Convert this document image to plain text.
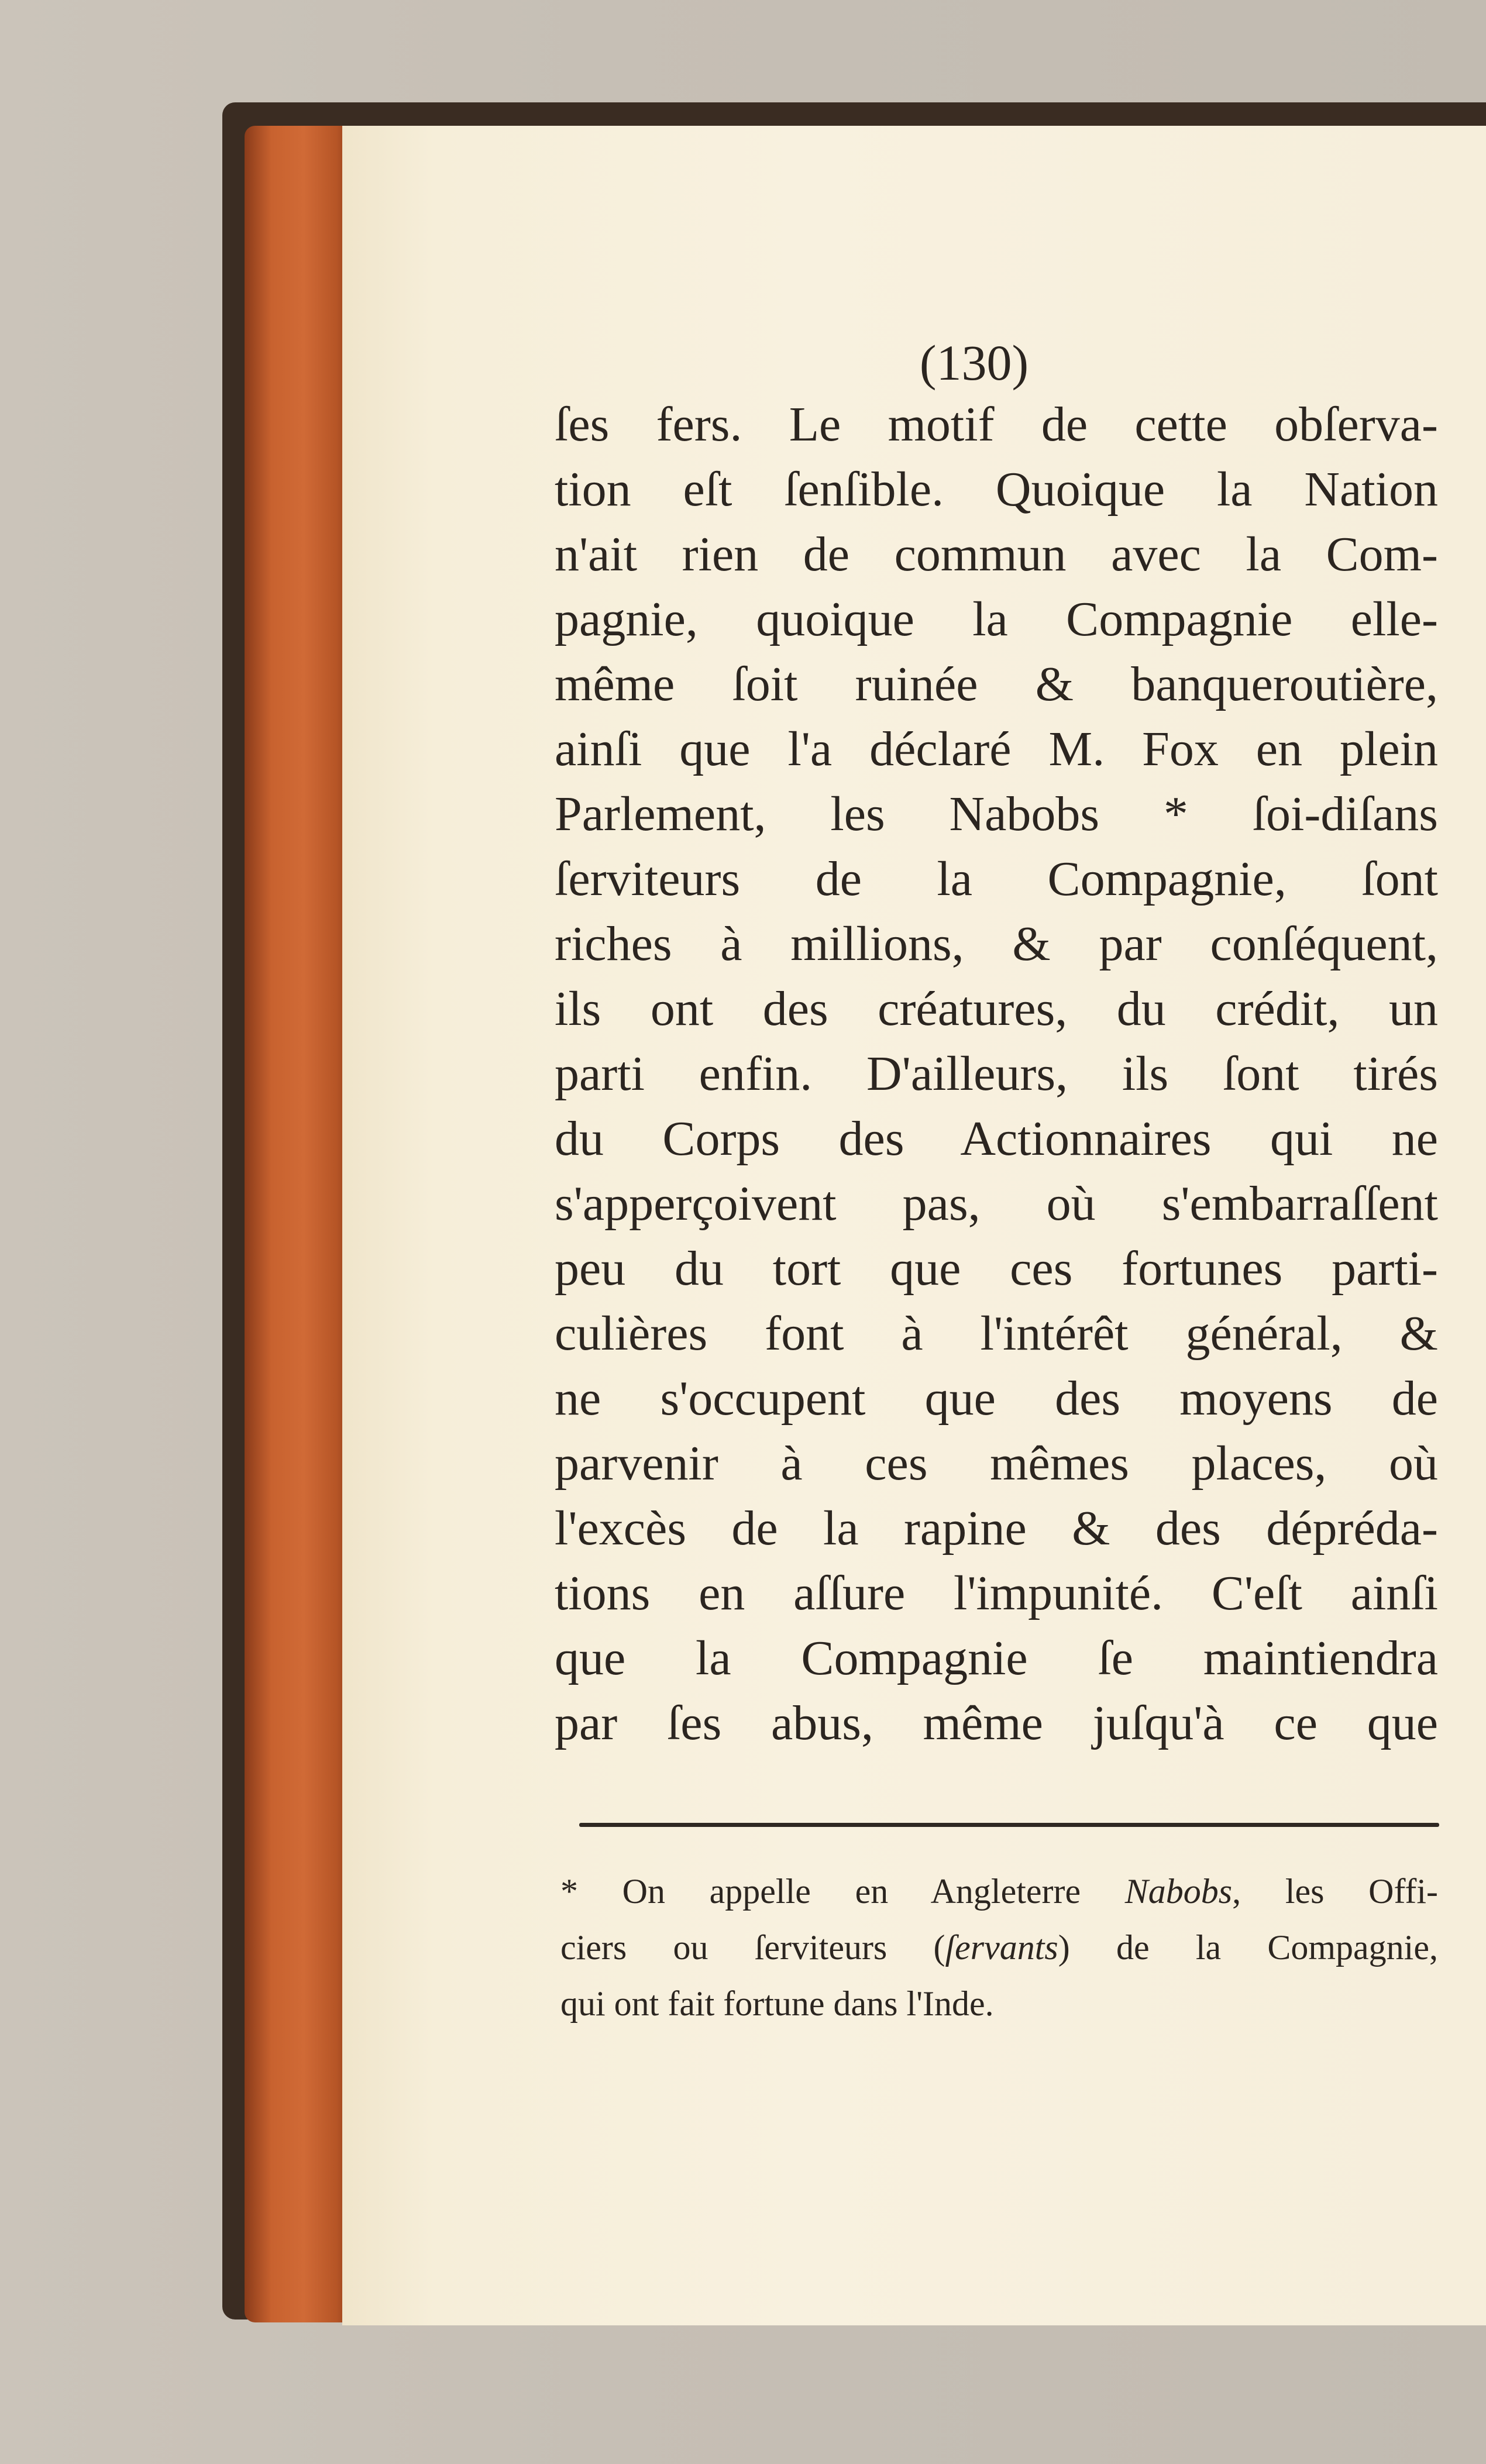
(130)
ſes fers. Le motif de cette obſerva-
tion eſt ſenſible. Quoique la Nation
n'ait rien de commun avec la Com-
pagnie, quoique la Compagnie elle-
même ſoit ruinée & banqueroutière,
ainſi que l'a déclaré M. Fox en plein
Parlement, les Nabobs * ſoi-diſans
ſerviteurs de la Compagnie, ſont
riches à millions, & par conſéquent,
ils ont des créatures, du crédit, un
parti enfin. D'ailleurs, ils ſont tirés
du Corps des Actionnaires qui ne
s'apperçoivent pas, où s'embarraſſent
peu du tort que ces fortunes parti-
culières font à l'intérêt général, &
ne s'occupent que des moyens de
parvenir à ces mêmes places, où
l'excès de la rapine & des dépréda-
tions en aſſure l'impunité. C'eſt ainſi
que la Compagnie ſe maintiendra
par ſes abus, même juſqu'à ce que
* On appelle en Angleterre Nabobs, les Offi-
ciers ou ſerviteurs (ſervants) de la Compagnie,
qui ont fait fortune dans l'Inde.
